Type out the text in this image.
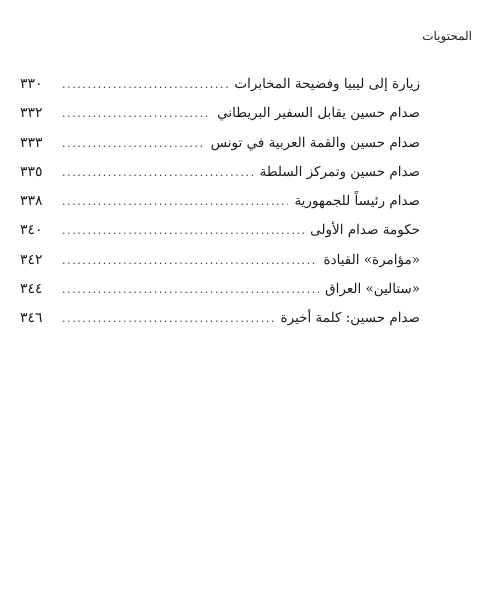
المحتويات
زيارة إلى ليبيا وفضيحة المخابرات
.....
٣٣٠
صدام حسين يقابل السفير البريطاني
.....
٣٣٢
صدام حسين والقمة العربية في تونس
.....
٣٣٣
صدام حسين وتمركز السلطة
.....
٣٣٥
صدام رئيساً للجمهورية
.....
٣٣٨
حكومة صدام الأولى
.....
٣٤٠
«مؤامرة» القيادة
.....
٣٤٢
«ستالين» العراق
.....
٣٤٤
صدام حسين: كلمة أخيرة
.....
٣٤٦
